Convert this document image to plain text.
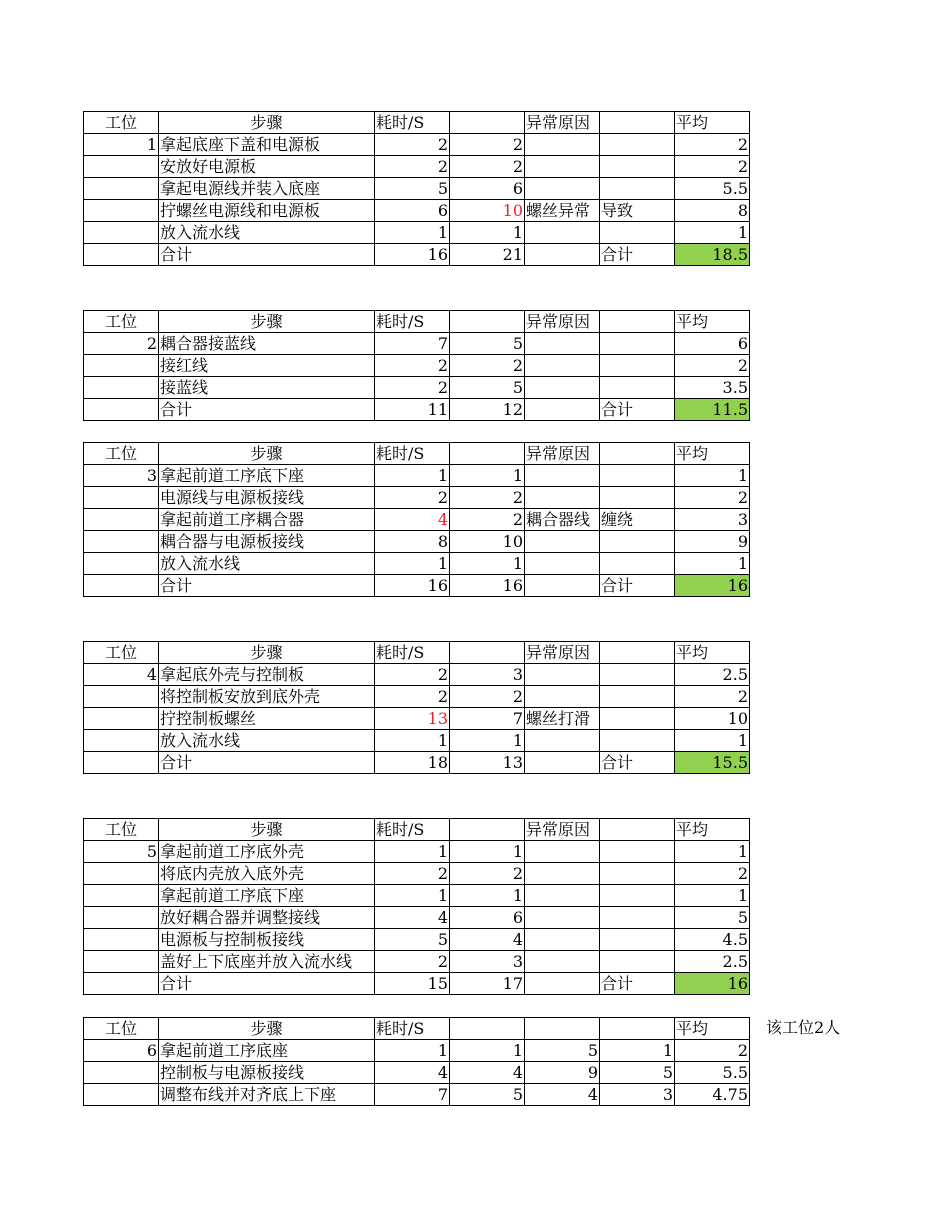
工位	步骤	耗时/S		异常原因		平均
1	拿起底座下盖和电源板	2	2			2
	安放好电源板	2	2			2
	拿起电源线并装入底座	5	6			5.5
	拧螺丝电源线和电源板	6	10	螺丝异常	导致	8
	放入流水线	1	1			1
	合计	16	21		合计	18.5
工位	步骤	耗时/S		异常原因		平均
2	耦合器接蓝线	7	5			6
	接红线	2	2			2
	接蓝线	2	5			3.5
	合计	11	12		合计	11.5
工位	步骤	耗时/S		异常原因		平均
3	拿起前道工序底下座	1	1			1
	电源线与电源板接线	2	2			2
	拿起前道工序耦合器	4	2	耦合器线	缠绕	3
	耦合器与电源板接线	8	10			9
	放入流水线	1	1			1
	合计	16	16		合计	16
工位	步骤	耗时/S		异常原因		平均
4	拿起底外壳与控制板	2	3			2.5
	将控制板安放到底外壳	2	2			2
	拧控制板螺丝	13	7	螺丝打滑		10
	放入流水线	1	1			1
	合计	18	13		合计	15.5
工位	步骤	耗时/S		异常原因		平均
5	拿起前道工序底外壳	1	1			1
	将底内壳放入底外壳	2	2			2
	拿起前道工序底下座	1	1			1
	放好耦合器并调整接线	4	6			5
	电源板与控制板接线	5	4			4.5
	盖好上下底座并放入流水线	2	3			2.5
	合计	15	17		合计	16
工位	步骤	耗时/S				平均
6	拿起前道工序底座	1	1	5	1	2
	控制板与电源板接线	4	4	9	5	5.5
	调整布线并对齐底上下座	7	5	4	3	4.75
该工位2人
